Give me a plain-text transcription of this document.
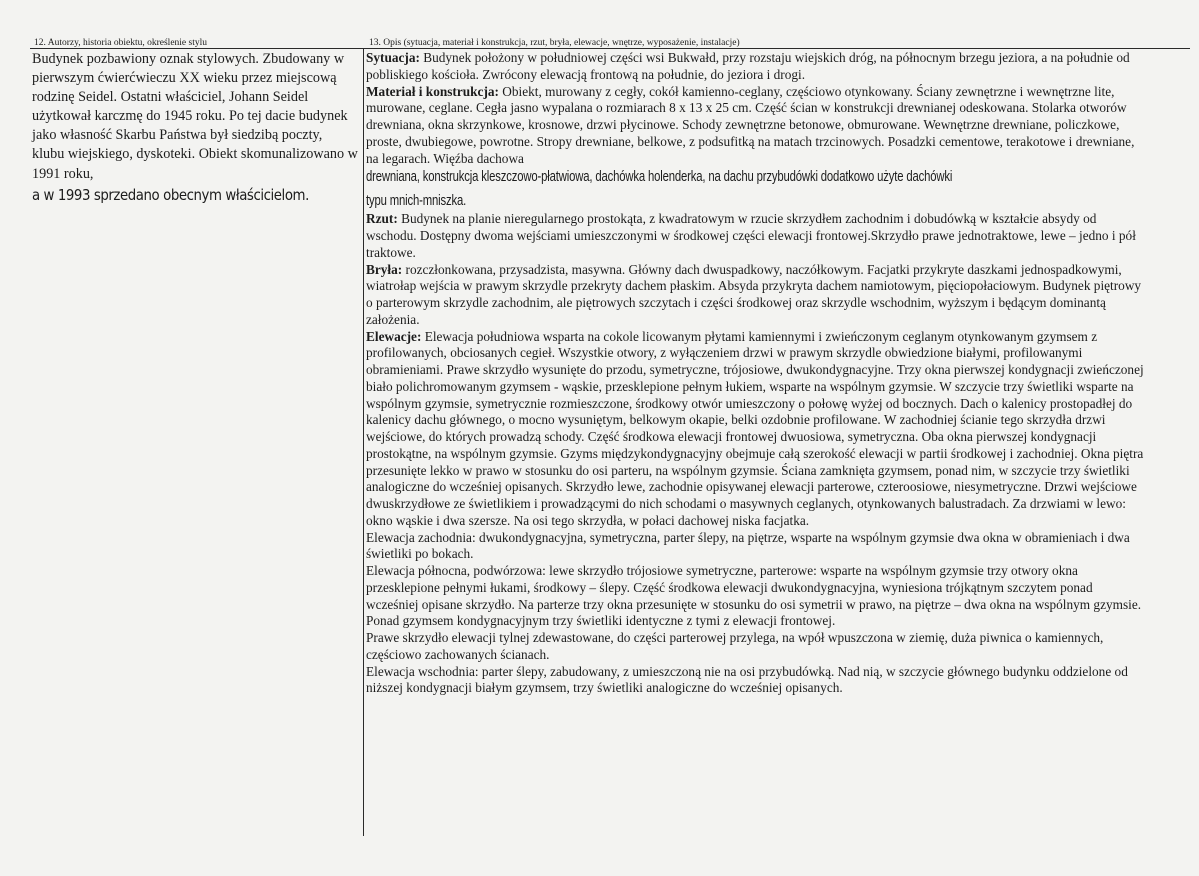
12. Autorzy, historia obiektu, określenie stylu	13. Opis (sytuacja, materiał i konstrukcja, rzut, bryła, elewacje, wnętrze, wyposażenie, instalacje)

Budynek pozbawiony oznak stylowych. Zbudowany w pierwszym ćwierćwieczu XX wieku przez miejscową rodzinę Seidel. Ostatni właściciel, Johann Seidel użytkował karczmę do 1945 roku. Po tej dacie budynek jako własność Skarbu Państwa był siedzibą poczty, klubu wiejskiego, dyskoteki. Obiekt skomunalizowano w 1991 roku,

a w 1993 sprzedano obecnym właścicielom.

Sytuacja: Budynek położony w południowej części wsi Bukwałd, przy rozstaju wiejskich dróg, na północnym brzegu jeziora, a na południe od pobliskiego kościoła. Zwrócony elewacją frontową na południe, do jeziora i drogi.

Materiał i konstrukcja: Obiekt, murowany z cegły, cokół kamienno-ceglany, częściowo otynkowany. Ściany zewnętrzne i wewnętrzne lite, murowane, ceglane. Cegła jasno wypalana o rozmiarach 8 x 13 x 25 cm. Część ścian w konstrukcji drewnianej odeskowana. Stolarka otworów drewniana, okna skrzynkowe, krosnowe, drzwi płycinowe. Schody zewnętrzne betonowe, obmurowane. Wewnętrzne drewniane, policzkowe, proste, dwubiegowe, powrotne. Stropy drewniane, belkowe, z podsufitką na matach trzcinowych. Posadzki cementowe, terakotowe i drewniane, na legarach. Więźba dachowa

drewniana, konstrukcja kleszczowo-płatwiowa, dachówka holenderka, na dachu przybudówki dodatkowo użyte dachówki
typu mnich-mniszka.

Rzut: Budynek na planie nieregularnego prostokąta, z kwadratowym w rzucie skrzydłem zachodnim i dobudówką w kształcie absydy od wschodu. Dostępny dwoma wejściami umieszczonymi w środkowej części elewacji frontowej.Skrzydło prawe jednotraktowe, lewe – jedno i pół traktowe.

Bryła: rozczłonkowana, przysadzista, masywna. Główny dach dwuspadkowy, naczółkowym. Facjatki przykryte daszkami jednospadkowymi, wiatrołap wejścia w prawym skrzydle przekryty dachem płaskim. Absyda przykryta dachem namiotowym, pięciopołaciowym. Budynek piętrowy o parterowym skrzydle zachodnim, ale piętrowych szczytach i części środkowej oraz skrzydle wschodnim, wyższym i będącym dominantą założenia.

Elewacje: Elewacja południowa wsparta na cokole licowanym płytami kamiennymi i zwieńczonym ceglanym otynkowanym gzymsem z profilowanych, obciosanych cegieł. Wszystkie otwory, z wyłączeniem drzwi w prawym skrzydle obwiedzione białymi, profilowanymi obramieniami. Prawe skrzydło wysunięte do przodu, symetryczne, trójosiowe, dwukondygnacyjne. Trzy okna pierwszej kondygnacji zwieńczonej biało polichromowanym gzymsem - wąskie, przesklepione pełnym łukiem, wsparte na wspólnym gzymsie. W szczycie trzy świetliki wsparte na wspólnym gzymsie, symetrycznie rozmieszczone, środkowy otwór umieszczony o połowę wyżej od bocznych. Dach o kalenicy prostopadłej do kalenicy dachu głównego, o mocno wysuniętym, belkowym okapie, belki ozdobnie profilowane. W zachodniej ścianie tego skrzydła drzwi wejściowe, do których prowadzą schody. Część środkowa elewacji frontowej dwuosiowa, symetryczna. Oba okna pierwszej kondygnacji prostokątne, na wspólnym gzymsie. Gzyms międzykondygnacyjny obejmuje całą szerokość elewacji w partii środkowej i zachodniej. Okna piętra przesunięte lekko w prawo w stosunku do osi parteru, na wspólnym gzymsie. Ściana zamknięta gzymsem, ponad nim, w szczycie trzy świetliki analogiczne do wcześniej opisanych. Skrzydło lewe, zachodnie opisywanej elewacji parterowe, czteroosiowe, niesymetryczne. Drzwi wejściowe dwuskrzydłowe ze świetlikiem i prowadzącymi do nich schodami o masywnych ceglanych, otynkowanych balustradach. Za drzwiami w lewo: okno wąskie i dwa szersze. Na osi tego skrzydła, w połaci dachowej niska facjatka.

Elewacja zachodnia: dwukondygnacyjna, symetryczna, parter ślepy, na piętrze, wsparte na wspólnym gzymsie dwa okna w obramieniach i dwa świetliki po bokach.

Elewacja północna, podwórzowa: lewe skrzydło trójosiowe symetryczne, parterowe: wsparte na wspólnym gzymsie trzy otwory okna przesklepione pełnymi łukami, środkowy – ślepy. Część środkowa elewacji dwukondygnacyjna, wyniesiona trójkątnym szczytem ponad wcześniej opisane skrzydło. Na parterze trzy okna przesunięte w stosunku do osi symetrii w prawo, na piętrze – dwa okna na wspólnym gzymsie. Ponad gzymsem kondygnacyjnym trzy świetliki identyczne z tymi z elewacji frontowej.

Prawe skrzydło elewacji tylnej zdewastowane, do części parterowej przylega, na wpół wpuszczona w ziemię, duża piwnica o kamiennych, częściowo zachowanych ścianach.

Elewacja wschodnia: parter ślepy, zabudowany, z umieszczoną nie na osi przybudówką. Nad nią, w szczycie głównego budynku oddzielone od niższej kondygnacji białym gzymsem, trzy świetliki analogiczne do wcześniej opisanych.
